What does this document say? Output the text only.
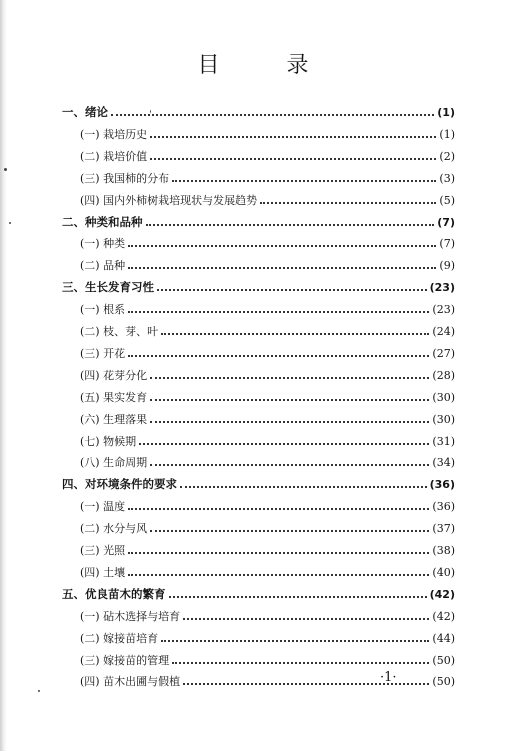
目 录
一、绪论	(1)
(一) 栽培历史	(1)
(二) 栽培价值	(2)
(三) 我国柿的分布	(3)
(四) 国内外柿树栽培现状与发展趋势	(5)
二、种类和品种	(7)
(一) 种类	(7)
(二) 品种	(9)
三、生长发育习性	(23)
(一) 根系	(23)
(二) 枝、芽、叶	(24)
(三) 开花	(27)
(四) 花芽分化	(28)
(五) 果实发育	(30)
(六) 生理落果	(30)
(七) 物候期	(31)
(八) 生命周期	(34)
四、对环境条件的要求	(36)
(一) 温度	(36)
(二) 水分与风	(37)
(三) 光照	(38)
(四) 土壤	(40)
五、优良苗木的繁育	(42)
(一) 砧木选择与培育	(42)
(二) 嫁接苗培育	(44)
(三) 嫁接苗的管理	(50)
(四) 苗木出圃与假植	(50)
·1·
